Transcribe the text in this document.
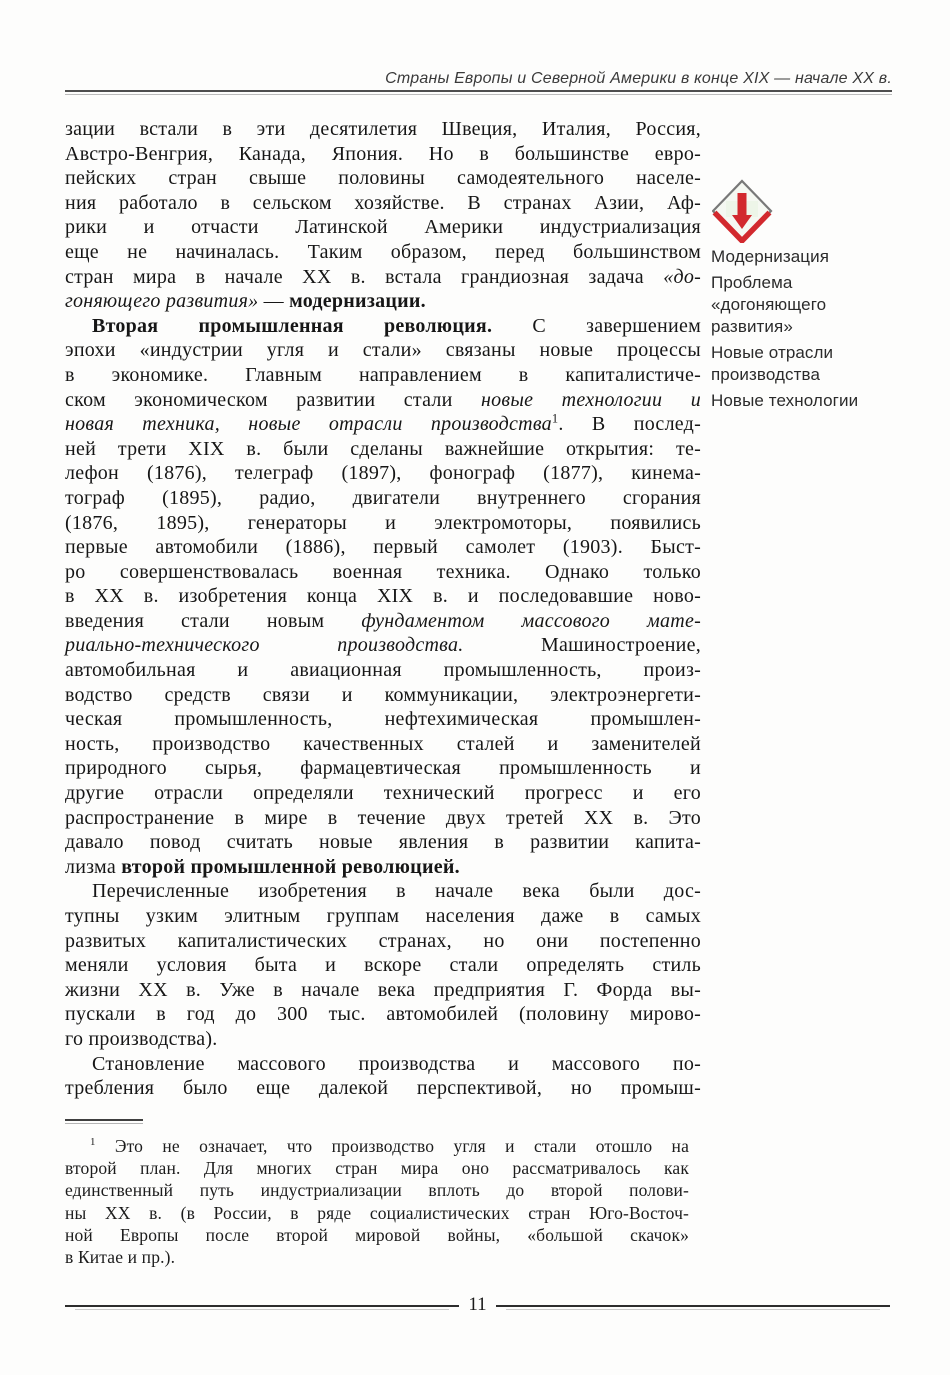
Страны Европы и Северной Америки в конце XIX — начале XX в.
зации встали в эти десятилетия Швеция, Италия, Россия,
Австро-Венгрия, Канада, Япония. Но в большинстве евро-
пейских стран свыше половины самодеятельного населе-
ния работало в сельском хозяйстве. В странах Азии, Аф-
рики и отчасти Латинской Америки индустриализация
еще не начиналась. Таким образом, перед большинством
стран мира в начале XX в. встала грандиозная задача «до-
гоняющего развития» — модернизации.
Вторая промышленная революция. С завершением
эпохи «индустрии угля и стали» связаны новые процессы
в экономике. Главным направлением в капиталистиче-
ском экономическом развитии стали новые технологии и
новая техника, новые отрасли производства$^1$. В послед-
ней трети XIX в. были сделаны важнейшие открытия: те-
лефон (1876), телеграф (1897), фонограф (1877), кинема-
тограф (1895), радио, двигатели внутреннего сгорания
(1876, 1895), генераторы и электромоторы, появились
первые автомобили (1886), первый самолет (1903). Быст-
ро совершенствовалась военная техника. Однако только
в XX в. изобретения конца XIX в. и последовавшие ново-
введения стали новым фундаментом массового мате-
риально-технического производства. Машиностроение,
автомобильная и авиационная промышленность, произ-
водство средств связи и коммуникации, электроэнергети-
ческая промышленность, нефтехимическая промышлен-
ность, производство качественных сталей и заменителей
природного сырья, фармацевтическая промышленность и
другие отрасли определяли технический прогресс и его
распространение в мире в течение двух третей XX в. Это
давало повод считать новые явления в развитии капита-
лизма второй промышленной революцией.
Перечисленные изобретения в начале века были дос-
тупны узким элитным группам населения даже в самых
развитых капиталистических странах, но они постепенно
меняли условия быта и вскоре стали определять стиль
жизни XX в. Уже в начале века предприятия Г. Форда вы-
пускали в год до 300 тыс. автомобилей (половину мирово-
го производства).
Становление массового производства и массового по-
требления было еще далекой перспективой, но промыш-
Модернизация
Проблема
«догоняющего
развития»
Новые отрасли
производства
Новые технологии
$^1$ Это не означает, что производство угля и стали отошло на
второй план. Для многих стран мира оно рассматривалось как
единственный путь индустриализации вплоть до второй полови-
ны XX в. (в России, в ряде социалистических стран Юго-Восточ-
ной Европы после второй мировой войны, «большой скачок»
в Китае и пр.).
11
